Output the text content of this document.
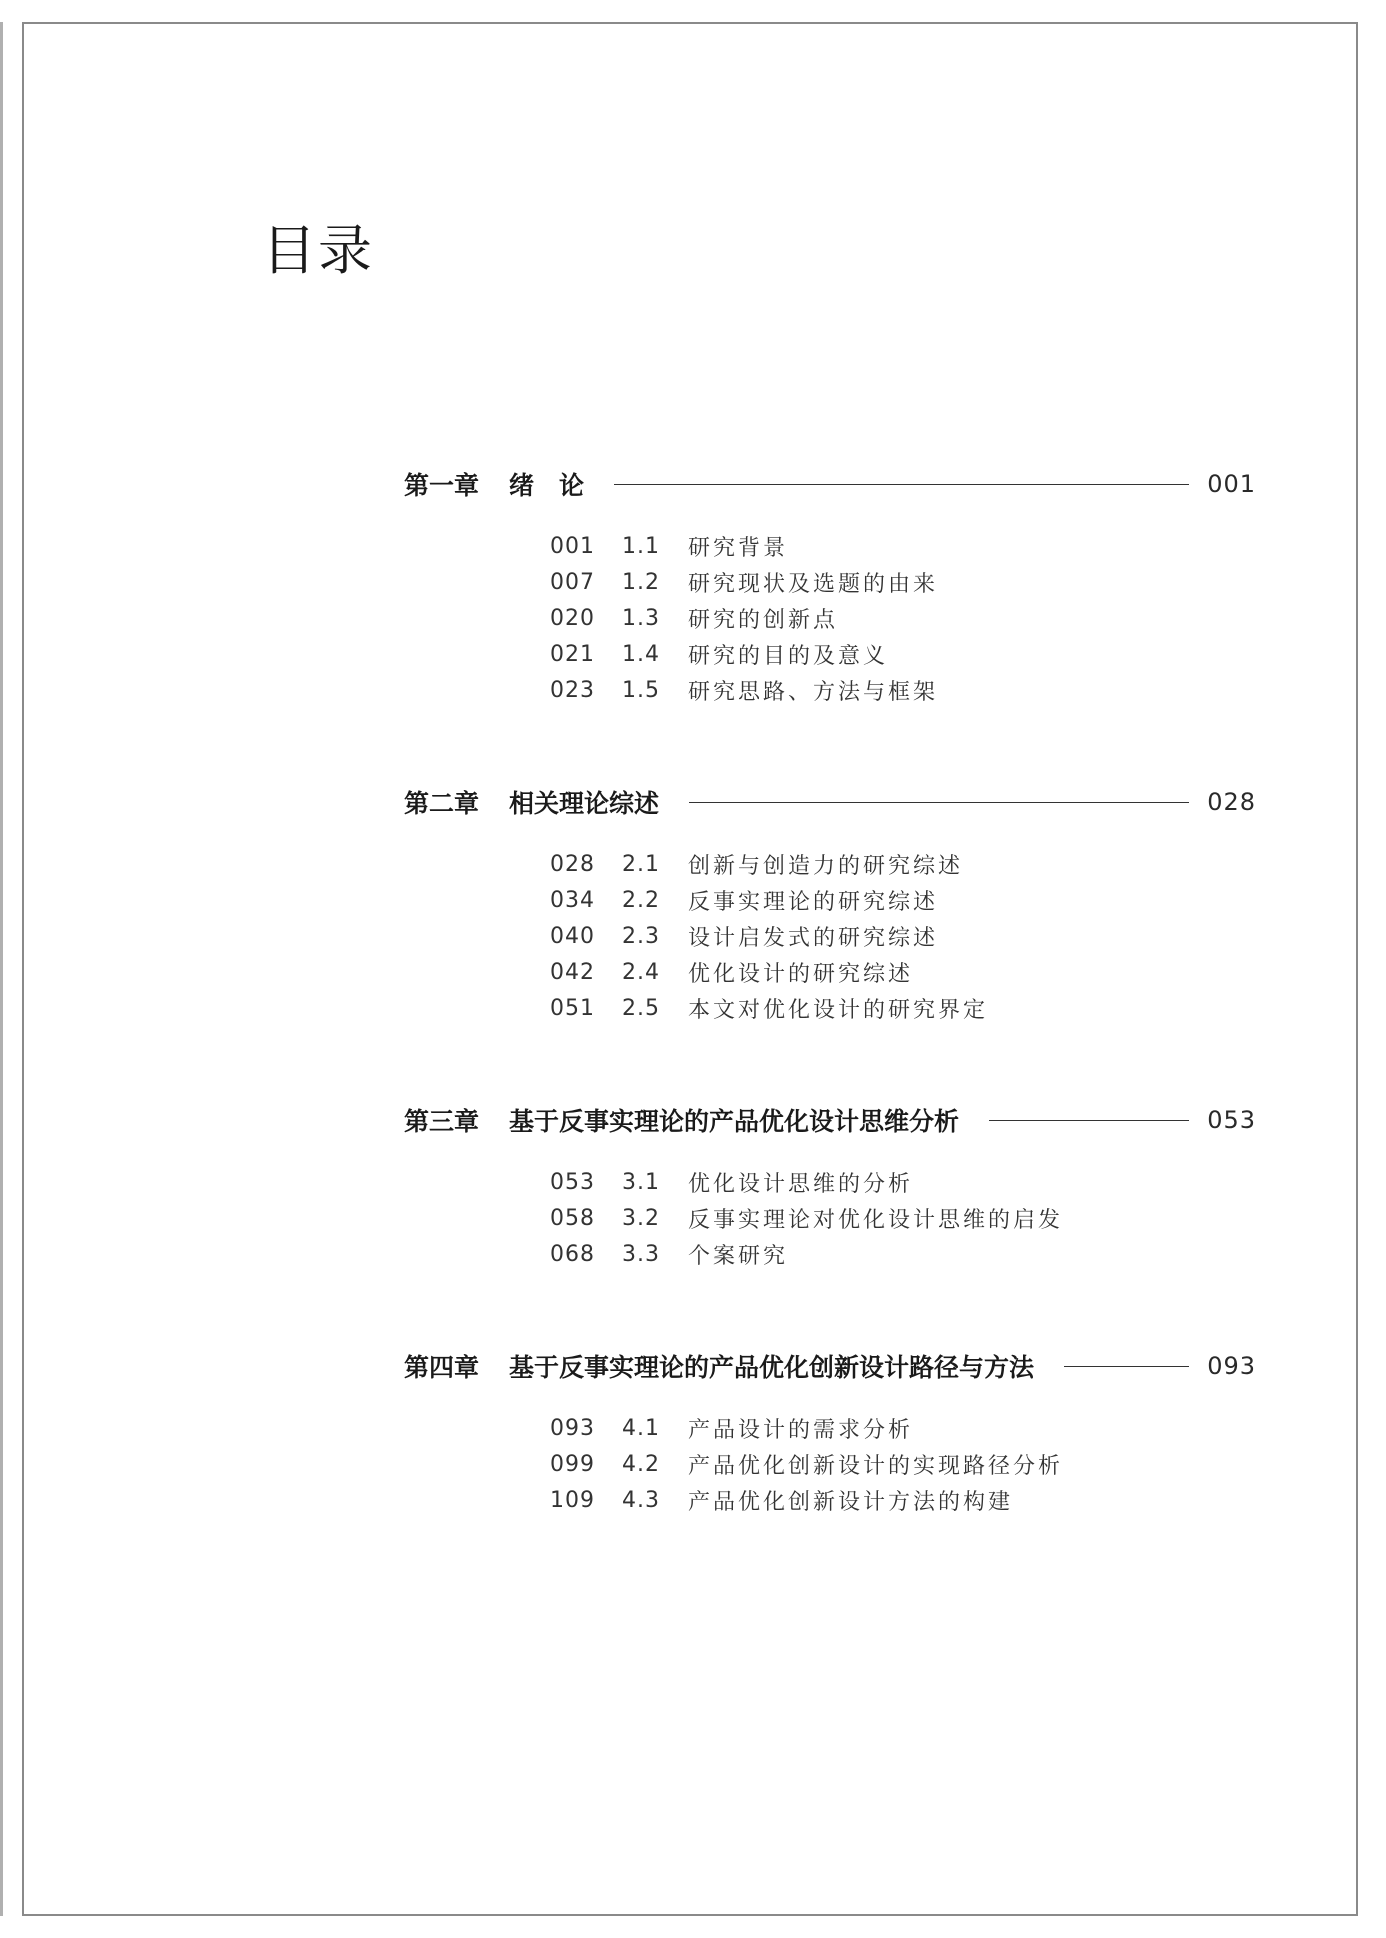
目录
第一章 绪　论	001
001	1.1	研究背景
007	1.2	研究现状及选题的由来
020	1.3	研究的创新点
021	1.4	研究的目的及意义
023	1.5	研究思路、方法与框架
第二章 相关理论综述	028
028	2.1	创新与创造力的研究综述
034	2.2	反事实理论的研究综述
040	2.3	设计启发式的研究综述
042	2.4	优化设计的研究综述
051	2.5	本文对优化设计的研究界定
第三章 基于反事实理论的产品优化设计思维分析	053
053	3.1	优化设计思维的分析
058	3.2	反事实理论对优化设计思维的启发
068	3.3	个案研究
第四章 基于反事实理论的产品优化创新设计路径与方法	093
093	4.1	产品设计的需求分析
099	4.2	产品优化创新设计的实现路径分析
109	4.3	产品优化创新设计方法的构建
